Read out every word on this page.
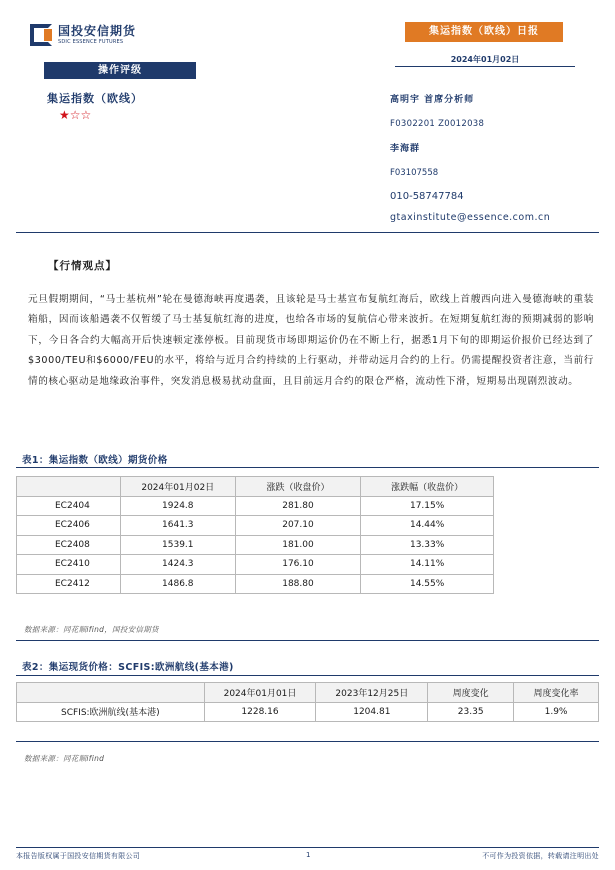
国投安信期货
SDIC ESSENCE FUTURES
集运指数（欧线）日报
2024年01月02日
操作评级
集运指数（欧线）
★☆☆
高明宇 首席分析师
F0302201 Z0012038
李海群
F03107558
010-58747784
gtaxinstitute@essence.com.cn
【行情观点】
元旦假期期间，“马士基杭州”轮在曼德海峡再度遇袭，且该轮是马士基宣布复航红海后，欧线上首艘西向进入曼德海峡的重装箱船，因而该船遇袭不仅暂缓了马士基复航红海的进度，也给各市场的复航信心带来波折。在短期复航红海的预期减弱的影响下，今日各合约大幅高开后快速顿定涨停板。目前现货市场即期运价仍在不断上行，据悉1月下旬的即期运价报价已经达到了$3000/TEU和$6000/FEU的水平，将给与近月合约持续的上行驱动，并带动远月合约的上行。仍需提醒投资者注意，当前行情的核心驱动是地缘政治事件，突发消息极易扰动盘面，且目前远月合约的限仓严格，流动性下滑，短期易出现剧烈波动。
表1：集运指数（欧线）期货价格
	2024年01月02日	涨跌（收盘价）	涨跌幅（收盘价）
EC2404	1924.8	281.80	17.15%
EC2406	1641.3	207.10	14.44%
EC2408	1539.1	181.00	13.33%
EC2410	1424.3	176.10	14.11%
EC2412	1486.8	188.80	14.55%
数据来源：同花顺ifind，国投安信期货
表2：集运现货价格：SCFIS:欧洲航线(基本港)
	2024年01月01日	2023年12月25日	周度变化	周度变化率
SCFIS:欧洲航线(基本港)	1228.16	1204.81	23.35	1.9%
数据来源：同花顺ifind
本报告版权属于国投安信期货有限公司	1	不可作为投资依据，转载请注明出处
